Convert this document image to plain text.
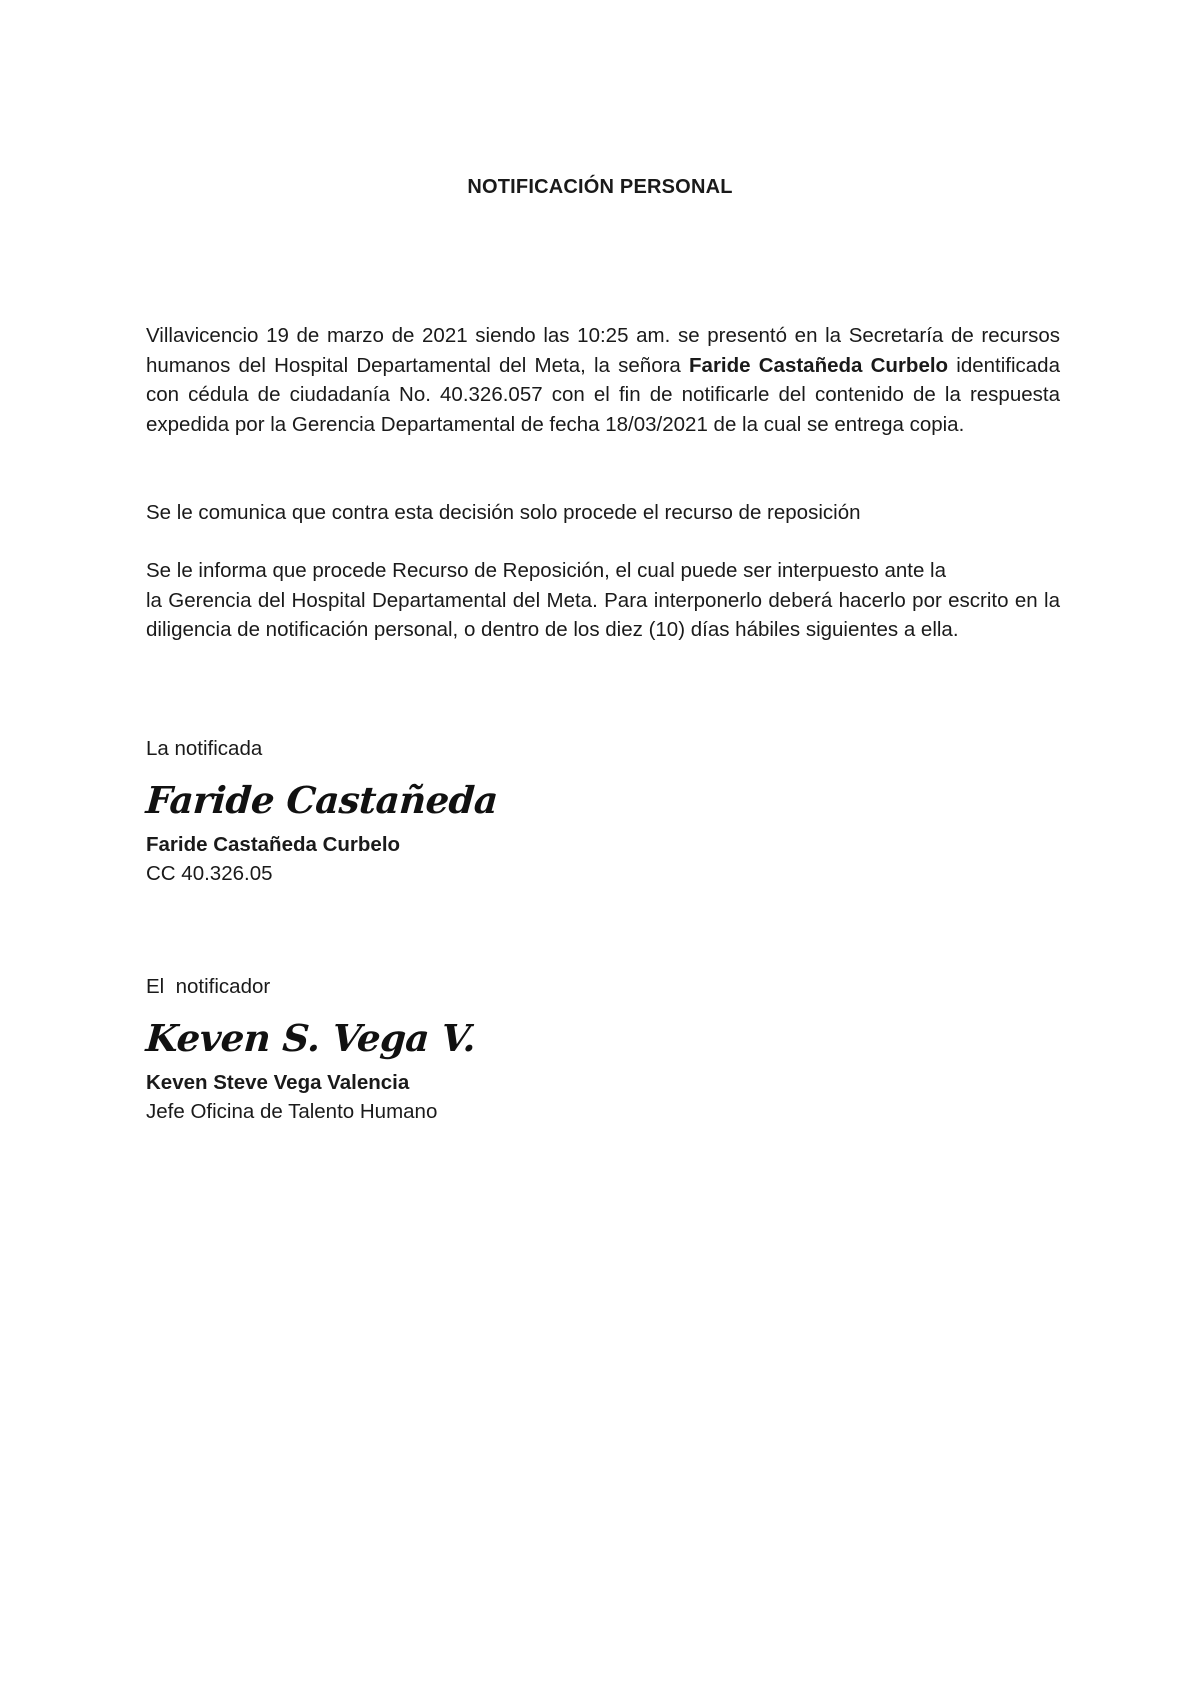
NOTIFICACIÓN PERSONAL

Villavicencio 19 de marzo de 2021 siendo las 10:25 am. se presentó en la Secretaría de recursos humanos del Hospital Departamental del Meta, la señora Faride Castañeda Curbelo identificada con cédula de ciudadanía No. 40.326.057 con el fin de notificarle del contenido de la respuesta expedida por la Gerencia Departamental de fecha 18/03/2021 de la cual se entrega copia.

Se le comunica que contra esta decisión solo procede el recurso de reposición

Se le informa que procede Recurso de Reposición, el cual puede ser interpuesto ante la
la Gerencia del Hospital Departamental del Meta. Para interponerlo deberá hacerlo por escrito en la diligencia de notificación personal, o dentro de los diez (10) días hábiles siguientes a ella.
La notificada
Faride Castañeda
Faride Castañeda Curbelo
CC 40.326.05
El  notificador
Keven S. Vega V.
Keven Steve Vega Valencia
Jefe Oficina de Talento Humano
